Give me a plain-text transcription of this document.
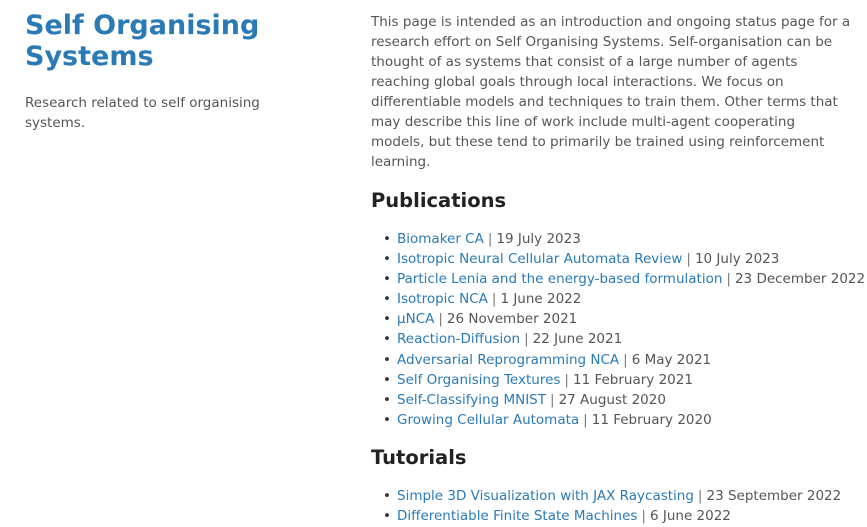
Self Organising Systems

Research related to self organising systems.

This page is intended as an introduction and ongoing status page for a research effort on Self Organising Systems. Self-organisation can be thought of as systems that consist of a large number of agents reaching global goals through local interactions. We focus on differentiable models and techniques to train them. Other terms that may describe this line of work include multi-agent cooperating models, but these tend to primarily be trained using reinforcement learning.

Publications
• Biomaker CA | 19 July 2023
• Isotropic Neural Cellular Automata Review | 10 July 2023
• Particle Lenia and the energy-based formulation | 23 December 2022
• Isotropic NCA | 1 June 2022
• μNCA | 26 November 2021
• Reaction-Diffusion | 22 June 2021
• Adversarial Reprogramming NCA | 6 May 2021
• Self Organising Textures | 11 February 2021
• Self-Classifying MNIST | 27 August 2020
• Growing Cellular Automata | 11 February 2020
Tutorials
• Simple 3D Visualization with JAX Raycasting | 23 September 2022
• Differentiable Finite State Machines | 6 June 2022
